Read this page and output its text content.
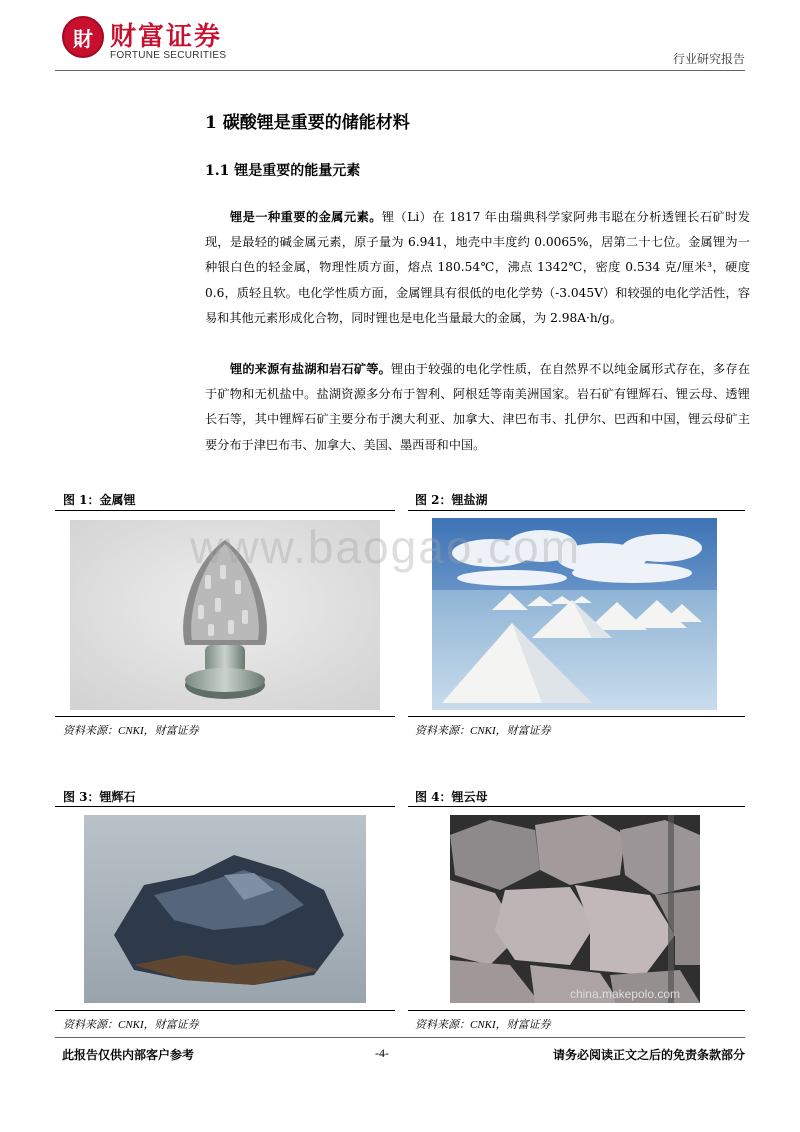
財 财富证券
FORTUNE SECURITIES	行业研究报告
1 碳酸锂是重要的储能材料
1.1 锂是重要的能量元素
锂是一种重要的金属元素。锂（Li）在 1817 年由瑞典科学家阿弗韦聪在分析透锂长石矿时发现，是最轻的碱金属元素，原子量为 6.941，地壳中丰度约 0.0065%，居第二十七位。金属锂为一种银白色的轻金属，物理性质方面，熔点 180.54℃，沸点 1342℃，密度 0.534 克/厘米³，硬度 0.6，质轻且软。电化学性质方面，金属锂具有很低的电化学势（-3.045V）和较强的电化学活性，容易和其他元素形成化合物，同时锂也是电化当量最大的金属，为 2.98A·h/g。
锂的来源有盐湖和岩石矿等。锂由于较强的电化学性质，在自然界不以纯金属形式存在，多存在于矿物和无机盐中。盐湖资源多分布于智利、阿根廷等南美洲国家。岩石矿有锂辉石、锂云母、透锂长石等，其中锂辉石矿主要分布于澳大利亚、加拿大、津巴布韦、扎伊尔、巴西和中国，锂云母矿主要分布于津巴布韦、加拿大、美国、墨西哥和中国。
图 1：金属锂
资料来源：CNKI，财富证券
图 2：锂盐湖
资料来源：CNKI，财富证券
www.baogao.com
图 3：锂辉石
资料来源：CNKI，财富证券
图 4：锂云母
china.makepolo.com
资料来源：CNKI，财富证券
此报告仅供内部客户参考	-4-	请务必阅读正文之后的免责条款部分
